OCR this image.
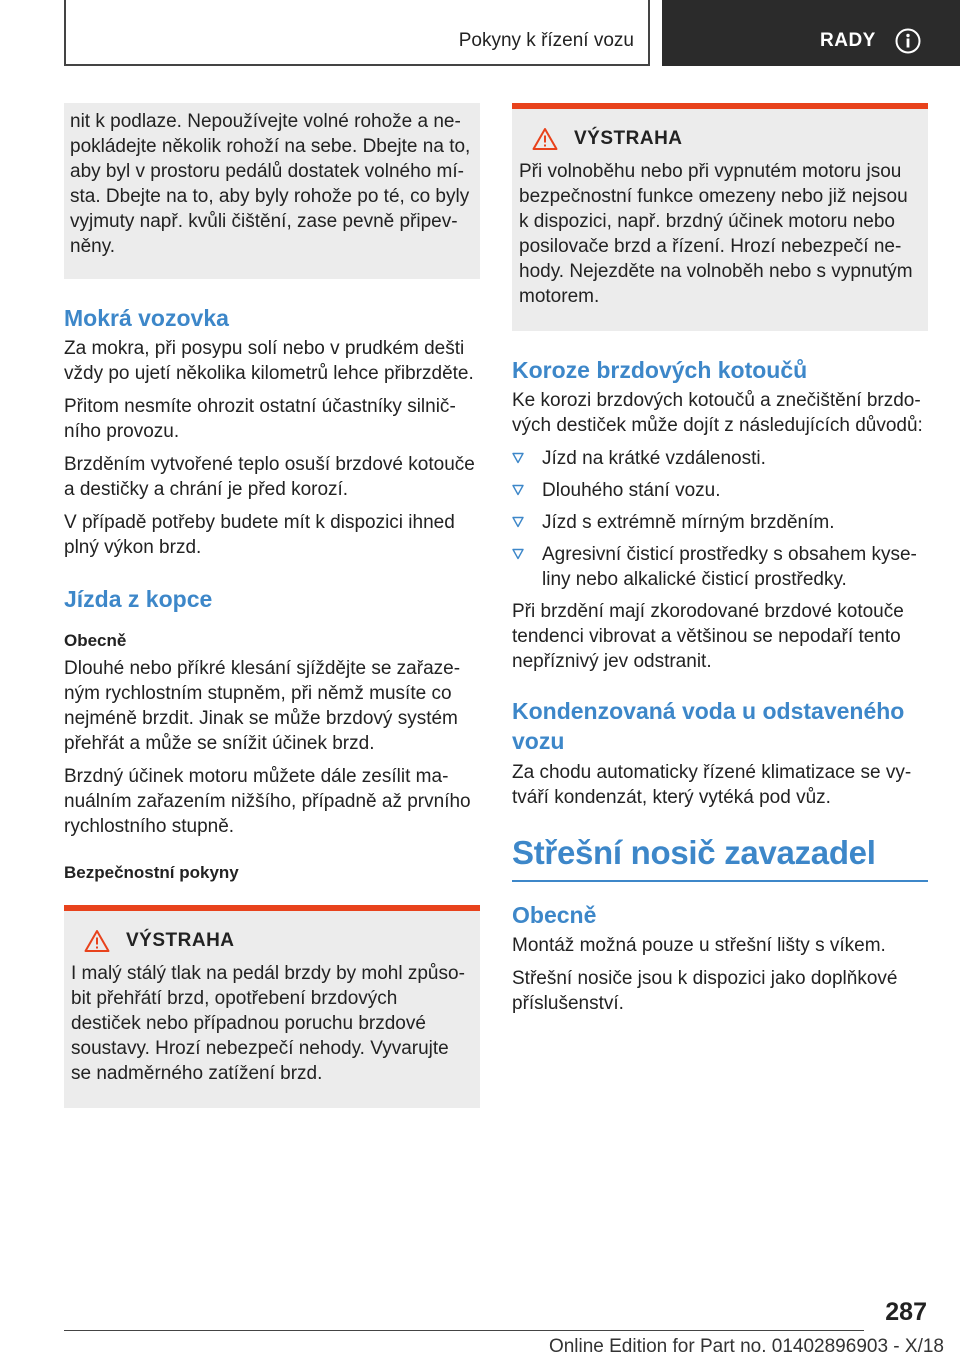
Pokyny k řízení vozu	RADY

nit k podlaze. Nepoužívejte volné rohože a nepokládejte několik rohoží na sebe. Dbejte na to, aby byl v prostoru pedálů dostatek volného místa. Dbejte na to, aby byly rohože po té, co byly vyjmuty např. kvůli čištění, zase pevně připevněny.

Mokrá vozovka

Za mokra, při posypu solí nebo v prudkém dešti vždy po ujetí několika kilometrů lehce přibrzděte.

Přitom nesmíte ohrozit ostatní účastníky silničního provozu.

Brzděním vytvořené teplo osuší brzdové kotouče a destičky a chrání je před korozí.

V případě potřeby budete mít k dispozici ihned plný výkon brzd.

Jízda z kopce
Obecně

Dlouhé nebo příkré klesání sjíždějte se zařazeným rychlostním stupněm, při němž musíte co nejméně brzdit. Jinak se může brzdový systém přehřát a může se snížit účinek brzd.

Brzdný účinek motoru můžete dále zesílit manuálním zařazením nižšího, případně až prvního rychlostního stupně.

Bezpečnostní pokyny
VÝSTRAHA

I malý stálý tlak na pedál brzdy by mohl způsobit přehřátí brzd, opotřebení brzdových destiček nebo případnou poruchu brzdové soustavy. Hrozí nebezpečí nehody. Vyvarujte se nadměrného zatížení brzd.

VÝSTRAHA

Při volnoběhu nebo při vypnutém motoru jsou bezpečnostní funkce omezeny nebo již nejsou k dispozici, např. brzdný účinek motoru nebo posilovače brzd a řízení. Hrozí nebezpečí nehody. Nejezděte na volnoběh nebo s vypnutým motorem.

Koroze brzdových kotoučů

Ke korozi brzdových kotoučů a znečištění brzdových destiček může dojít z následujících důvodů:

Jízd na krátké vzdálenosti.
Dlouhého stání vozu.
Jízd s extrémně mírným brzděním.
Agresivní čisticí prostředky s obsahem kyseliny nebo alkalické čisticí prostředky.

Při brzdění mají zkorodované brzdové kotouče tendenci vibrovat a většinou se nepodaří tento nepříznivý jev odstranit.

Kondenzovaná voda u odstaveného vozu

Za chodu automaticky řízené klimatizace se vytváří kondenzát, který vytéká pod vůz.

Střešní nosič zavazadel
Obecně

Montáž možná pouze u střešní lišty s víkem.

Střešní nosiče jsou k dispozici jako doplňkové příslušenství.

287
Online Edition for Part no. 01402896903 - X/18
